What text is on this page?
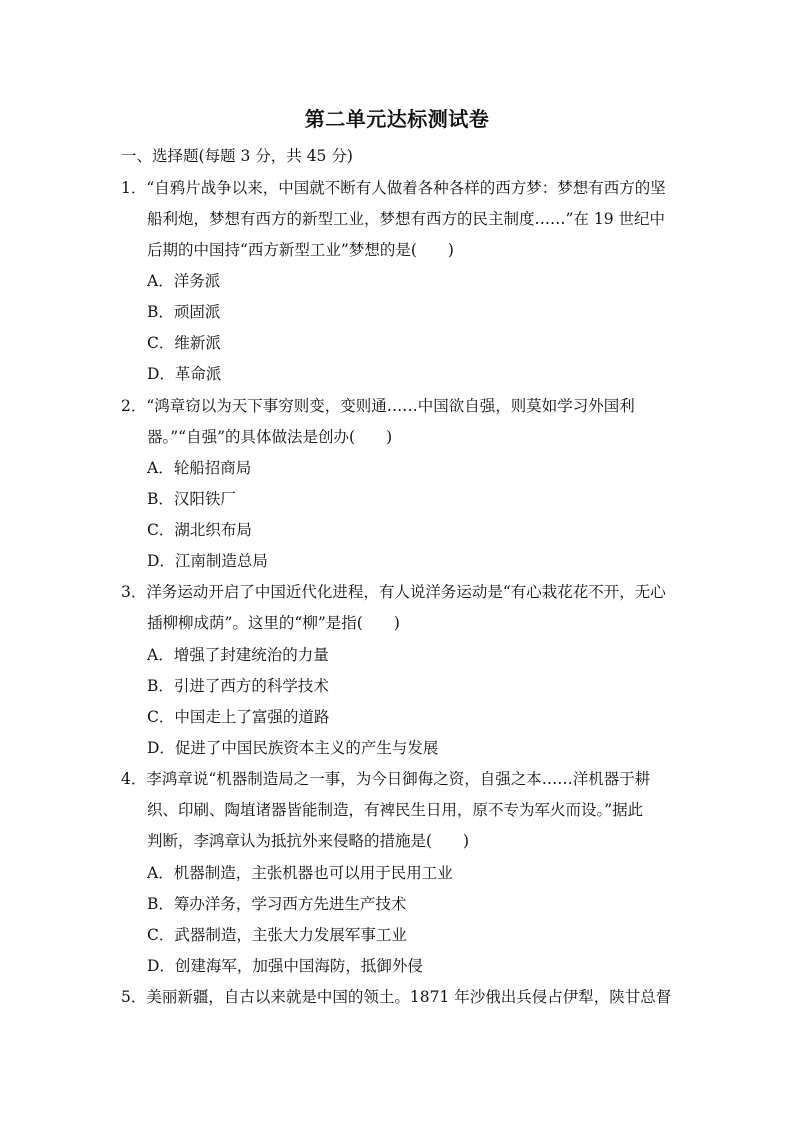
第二单元达标测试卷
一、选择题(每题 3 分，共 45 分)
1．“自鸦片战争以来，中国就不断有人做着各种各样的西方梦：梦想有西方的坚
船利炮，梦想有西方的新型工业，梦想有西方的民主制度……”在 19 世纪中
后期的中国持“西方新型工业”梦想的是(　　)
A．洋务派
B．顽固派
C．维新派
D．革命派
2．“鸿章窃以为天下事穷则变，变则通……中国欲自强，则莫如学习外国利
器。”“自强”的具体做法是创办(　　)
A．轮船招商局
B．汉阳铁厂
C．湖北织布局
D．江南制造总局
3．洋务运动开启了中国近代化进程，有人说洋务运动是“有心栽花花不开，无心
插柳柳成荫”。这里的“柳”是指(　　)
A．增强了封建统治的力量
B．引进了西方的科学技术
C．中国走上了富强的道路
D．促进了中国民族资本主义的产生与发展
4．李鸿章说“机器制造局之一事，为今日御侮之资，自强之本……洋机器于耕
织、印刷、陶埴诸器皆能制造，有裨民生日用，原不专为军火而设。”据此
判断，李鸿章认为抵抗外来侵略的措施是(　　)
A．机器制造，主张机器也可以用于民用工业
B．筹办洋务，学习西方先进生产技术
C．武器制造，主张大力发展军事工业
D．创建海军，加强中国海防，抵御外侵
5．美丽新疆，自古以来就是中国的领土。1871 年沙俄出兵侵占伊犁，陕甘总督
